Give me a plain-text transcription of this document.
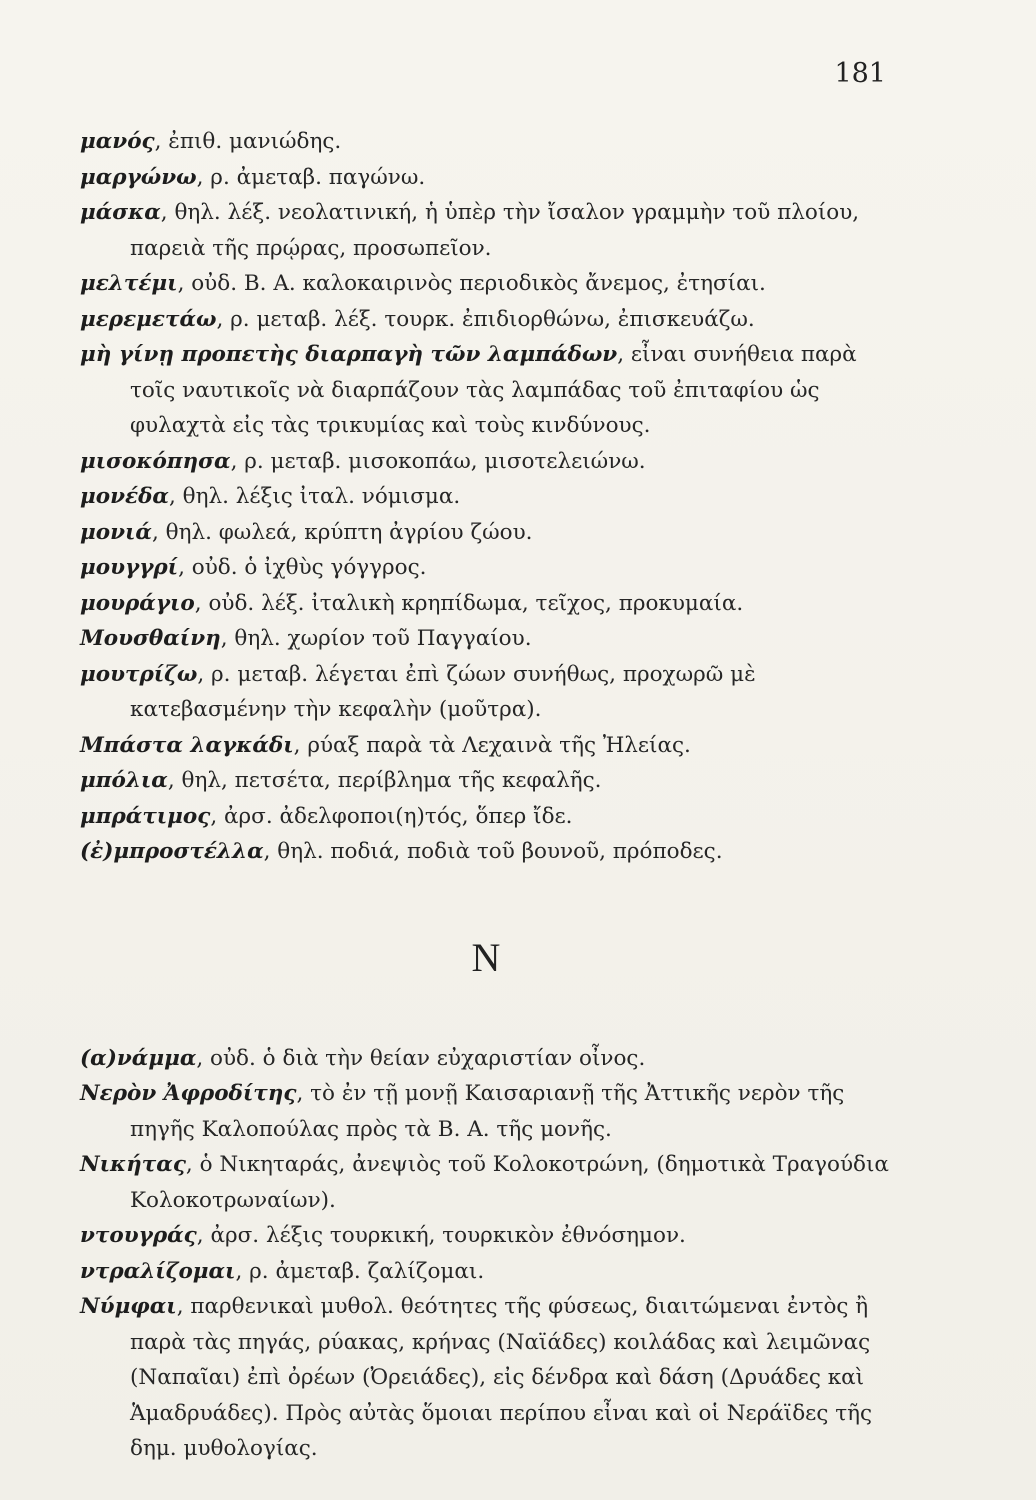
181
μανός, ἐπιθ. μανιώδης.
μαργώνω, ρ. ἀμεταβ. παγώνω.
μάσκα, θηλ. λέξ. νεολατινική, ἡ ὑπὲρ τὴν ἴσαλον γραμμὴν τοῦ πλοίου, παρειὰ τῆς πρῴρας, προσωπεῖον.
μελτέμι, οὐδ. Β. Α. καλοκαιρινὸς περιοδικὸς ἄνεμος, ἐτησίαι.
μερεμετάω, ρ. μεταβ. λέξ. τουρκ. ἐπιδιορθώνω, ἐπισκευάζω.
μὴ γίνῃ προπετὴς διαρπαγὴ τῶν λαμπάδων, εἶναι συνήθεια παρὰ τοῖς ναυτικοῖς νὰ διαρπάζουν τὰς λαμπάδας τοῦ ἐπιταφίου ὡς φυλαχτὰ εἰς τὰς τρικυμίας καὶ τοὺς κινδύνους.
μισοκόπησα, ρ. μεταβ. μισοκοπάω, μισοτελειώνω.
μονέδα, θηλ. λέξις ἰταλ. νόμισμα.
μονιά, θηλ. φωλεά, κρύπτη ἀγρίου ζώου.
μουγγρί, οὐδ. ὁ ἰχθὺς γόγγρος.
μουράγιο, οὐδ. λέξ. ἰταλικὴ κρηπίδωμα, τεῖχος, προκυμαία.
Μουσθαίνη, θηλ. χωρίον τοῦ Παγγαίου.
μουτρίζω, ρ. μεταβ. λέγεται ἐπὶ ζώων συνήθως, προχωρῶ μὲ κατεβασμένην τὴν κεφαλὴν (μοῦτρα).
Μπάστα λαγκάδι, ρύαξ παρὰ τὰ Λεχαινὰ τῆς Ἠλείας.
μπόλια, θηλ, πετσέτα, περίβλημα τῆς κεφαλῆς.
μπράτιμος, ἀρσ. ἀδελφοποι(η)τός, ὅπερ ἴδε.
(ἐ)μπροστέλλα, θηλ. ποδιά, ποδιὰ τοῦ βουνοῦ, πρόποδες.
N
(α)νάμμα, οὐδ. ὁ διὰ τὴν θείαν εὐχαριστίαν οἶνος.
Νερὸν Ἀφροδίτης, τὸ ἐν τῇ μονῇ Καισαριανῇ τῆς Ἀττικῆς νερὸν τῆς πηγῆς Καλοπούλας πρὸς τὰ Β. Α. τῆς μονῆς.
Νικήτας, ὁ Νικηταράς, ἀνεψιὸς τοῦ Κολοκοτρώνη, (δημοτικὰ Τραγούδια Κολοκοτρωναίων).
ντουγράς, ἀρσ. λέξις τουρκική, τουρκικὸν ἐθνόσημον.
ντραλίζομαι, ρ. ἀμεταβ. ζαλίζομαι.
Νύμφαι, παρθενικαὶ μυθολ. θεότητες τῆς φύσεως, διαιτώμεναι ἐντὸς ἢ παρὰ τὰς πηγάς, ρύακας, κρήνας (Ναϊάδες) κοιλάδας καὶ λειμῶνας (Ναπαῖαι) ἐπὶ ὀρέων (Ὀρειάδες), εἰς δένδρα καὶ δάση (Δρυάδες καὶ Ἁμαδρυάδες). Πρὸς αὐτὰς ὅμοιαι περίπου εἶναι καὶ οἱ Νεράϊδες τῆς δημ. μυθολογίας.
